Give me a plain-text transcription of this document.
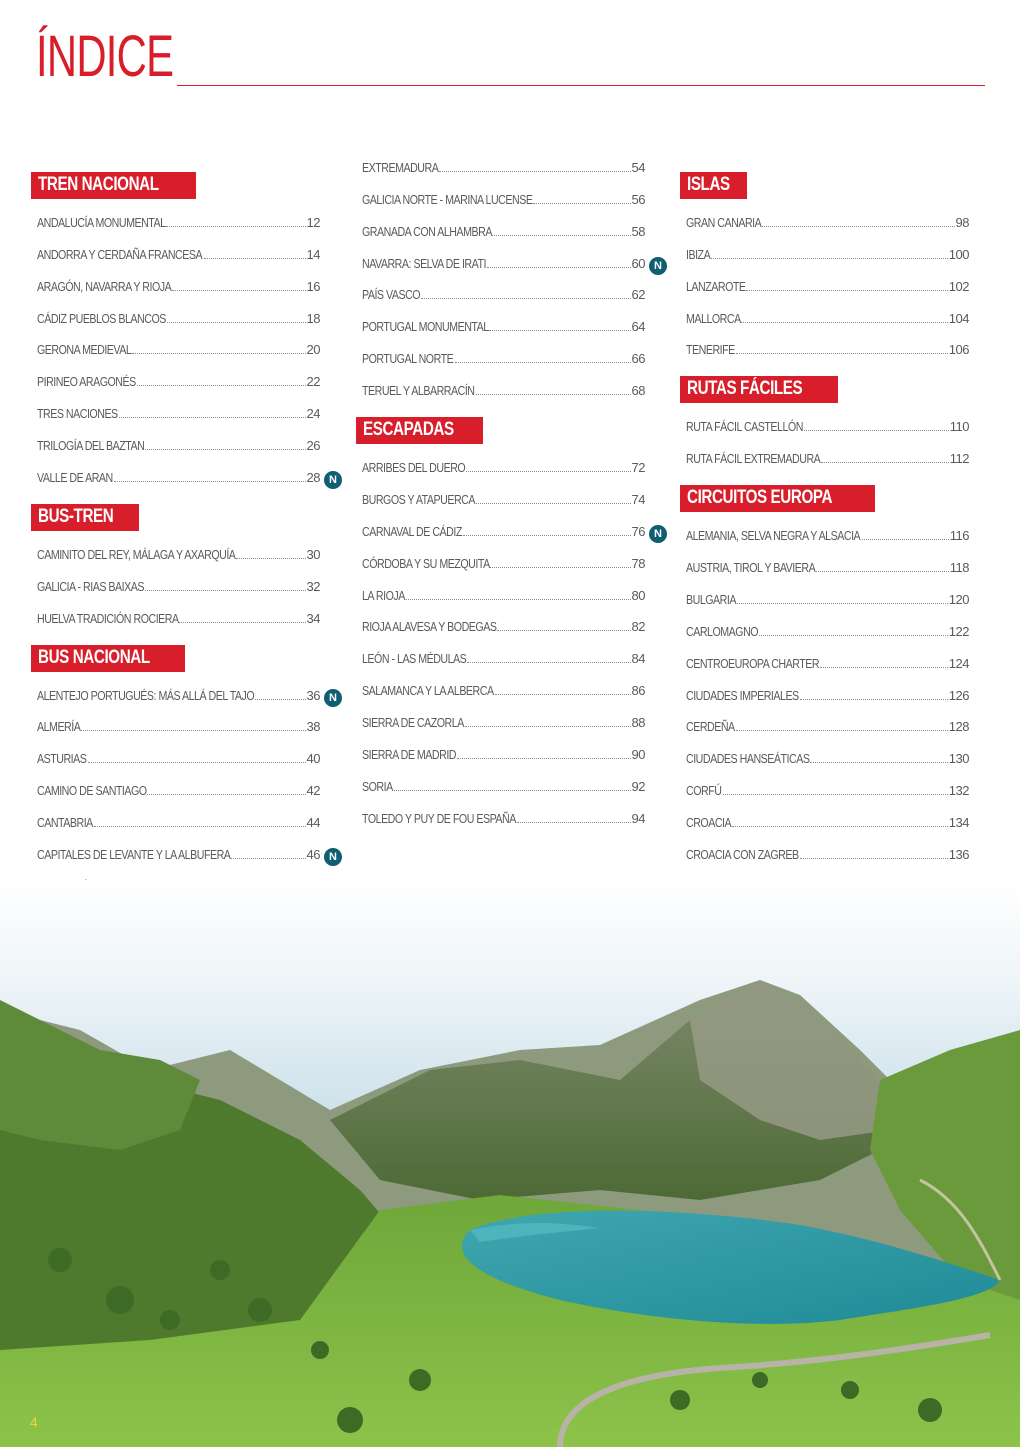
ÍNDICE
TREN NACIONAL
ANDALUCÍA MONUMENTAL	12
ANDORRA Y CERDAÑA FRANCESA	14
ARAGÓN, NAVARRA Y RIOJA	16
CÁDIZ PUEBLOS BLANCOS	18
GERONA MEDIEVAL	20
PIRINEO ARAGONÉS	22
TRES NACIONES	24
TRILOGÍA DEL BAZTAN	26
VALLE DE ARAN	28 N
BUS-TREN
CAMINITO DEL REY, MÁLAGA Y AXARQUÍA	30
GALICIA - RIAS BAIXAS	32
HUELVA TRADICIÓN ROCIERA	34
BUS NACIONAL
ALENTEJO PORTUGUÉS: MÁS ALLÁ DEL TAJO	36 N
ALMERÍA	38
ASTURIAS	40
CAMINO DE SANTIAGO	42
CANTABRIA	44
CAPITALES DE LEVANTE Y LA ALBUFERA	46 N
EXTREMADURA	54
GALICIA NORTE - MARINA LUCENSE	56
GRANADA CON ALHAMBRA	58
NAVARRA: SELVA DE IRATI	60 N
PAÍS VASCO	62
PORTUGAL MONUMENTAL	64
PORTUGAL NORTE	66
TERUEL Y ALBARRACÍN	68
ESCAPADAS
ARRIBES DEL DUERO	72
BURGOS Y ATAPUERCA	74
CARNAVAL DE CÁDIZ	76 N
CÓRDOBA Y SU MEZQUITA	78
LA RIOJA	80
RIOJA ALAVESA Y BODEGAS	82
LEÓN - LAS MÉDULAS	84
SALAMANCA Y LA ALBERCA	86
SIERRA DE CAZORLA	88
SIERRA DE MADRID	90
SORIA	92
TOLEDO Y PUY DE FOU ESPAÑA	94
ISLAS
GRAN CANARIA	98
IBIZA	100
LANZAROTE	102
MALLORCA	104
TENERIFE	106
RUTAS FÁCILES
RUTA FÁCIL CASTELLÓN	110
RUTA FÁCIL EXTREMADURA	112
CIRCUITOS EUROPA
ALEMANIA, SELVA NEGRA Y ALSACIA	116
AUSTRIA, TIROL Y BAVIERA	118
BULGARIA	120
CARLOMAGNO	122
CENTROEUROPA CHARTER	124
CIUDADES IMPERIALES	126
CERDEÑA	128
CIUDADES HANSEÁTICAS	130
CORFÚ	132
CROACIA	134
CROACIA CON ZAGREB	136
4
